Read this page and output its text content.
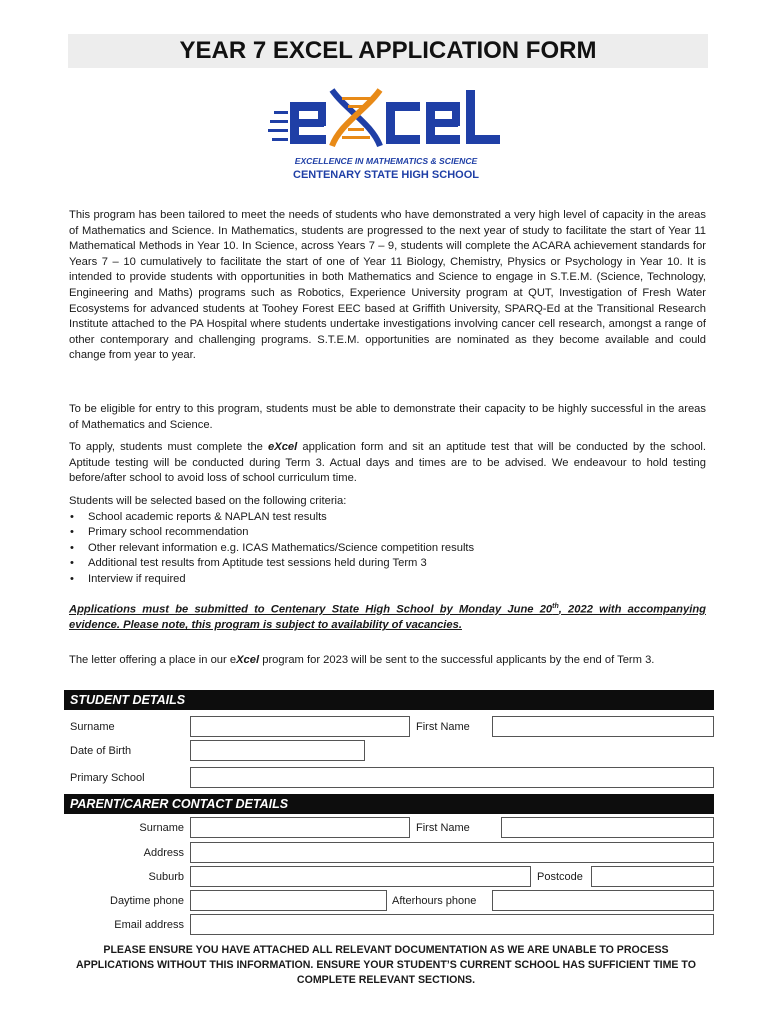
YEAR 7 EXCEL APPLICATION FORM
EXCELLENCE IN MATHEMATICS & SCIENCE
CENTENARY STATE HIGH SCHOOL

This program has been tailored to meet the needs of students who have demonstrated a very high level of capacity in the areas of Mathematics and Science. In Mathematics, students are progressed to the next year of study to facilitate the start of Year 11 Mathematical Methods in Year 10. In Science, across Years 7 – 9, students will complete the ACARA achievement standards for Years 7 – 10 cumulatively to facilitate the start of one of Year 11 Biology, Chemistry, Physics or Psychology in Year 10. It is intended to provide students with opportunities in both Mathematics and Science to engage in S.T.E.M. (Science, Technology, Engineering and Maths) programs such as Robotics, Experience University program at QUT, Investigation of Fresh Water Ecosystems for advanced students at Toohey Forest EEC based at Griffith University, SPARQ-Ed at the Transitional Research Institute attached to the PA Hospital where students undertake investigations involving cancer cell research, amongst a range of other contemporary and challenging programs. S.T.E.M. opportunities are nominated as they become available and could change from year to year.

To be eligible for entry to this program, students must be able to demonstrate their capacity to be highly successful in the areas of Mathematics and Science.

To apply, students must complete the eXcel application form and sit an aptitude test that will be conducted by the school. Aptitude testing will be conducted during Term 3. Actual days and times are to be advised. We endeavour to hold testing before/after school to avoid loss of school curriculum time.

Students will be selected based on the following criteria:

• School academic reports & NAPLAN test results
• Primary school recommendation
• Other relevant information e.g. ICAS Mathematics/Science competition results
• Additional test results from Aptitude test sessions held during Term 3
• Interview if required

Applications must be submitted to Centenary State High School by Monday June 20th, 2022 with accompanying evidence. Please note, this program is subject to availability of vacancies.

The letter offering a place in our eXcel program for 2023 will be sent to the successful applicants by the end of Term 3.

STUDENT DETAILS
Surname	First Name
Date of Birth
Primary School
PARENT/CARER CONTACT DETAILS
Surname	First Name
Address
Suburb	Postcode
Daytime phone	Afterhours phone
Email address

PLEASE ENSURE YOU HAVE ATTACHED ALL RELEVANT DOCUMENTATION AS WE ARE UNABLE TO PROCESS

APPLICATIONS WITHOUT THIS INFORMATION. ENSURE YOUR STUDENT’S CURRENT SCHOOL HAS SUFFICIENT TIME TO

COMPLETE RELEVANT SECTIONS.
